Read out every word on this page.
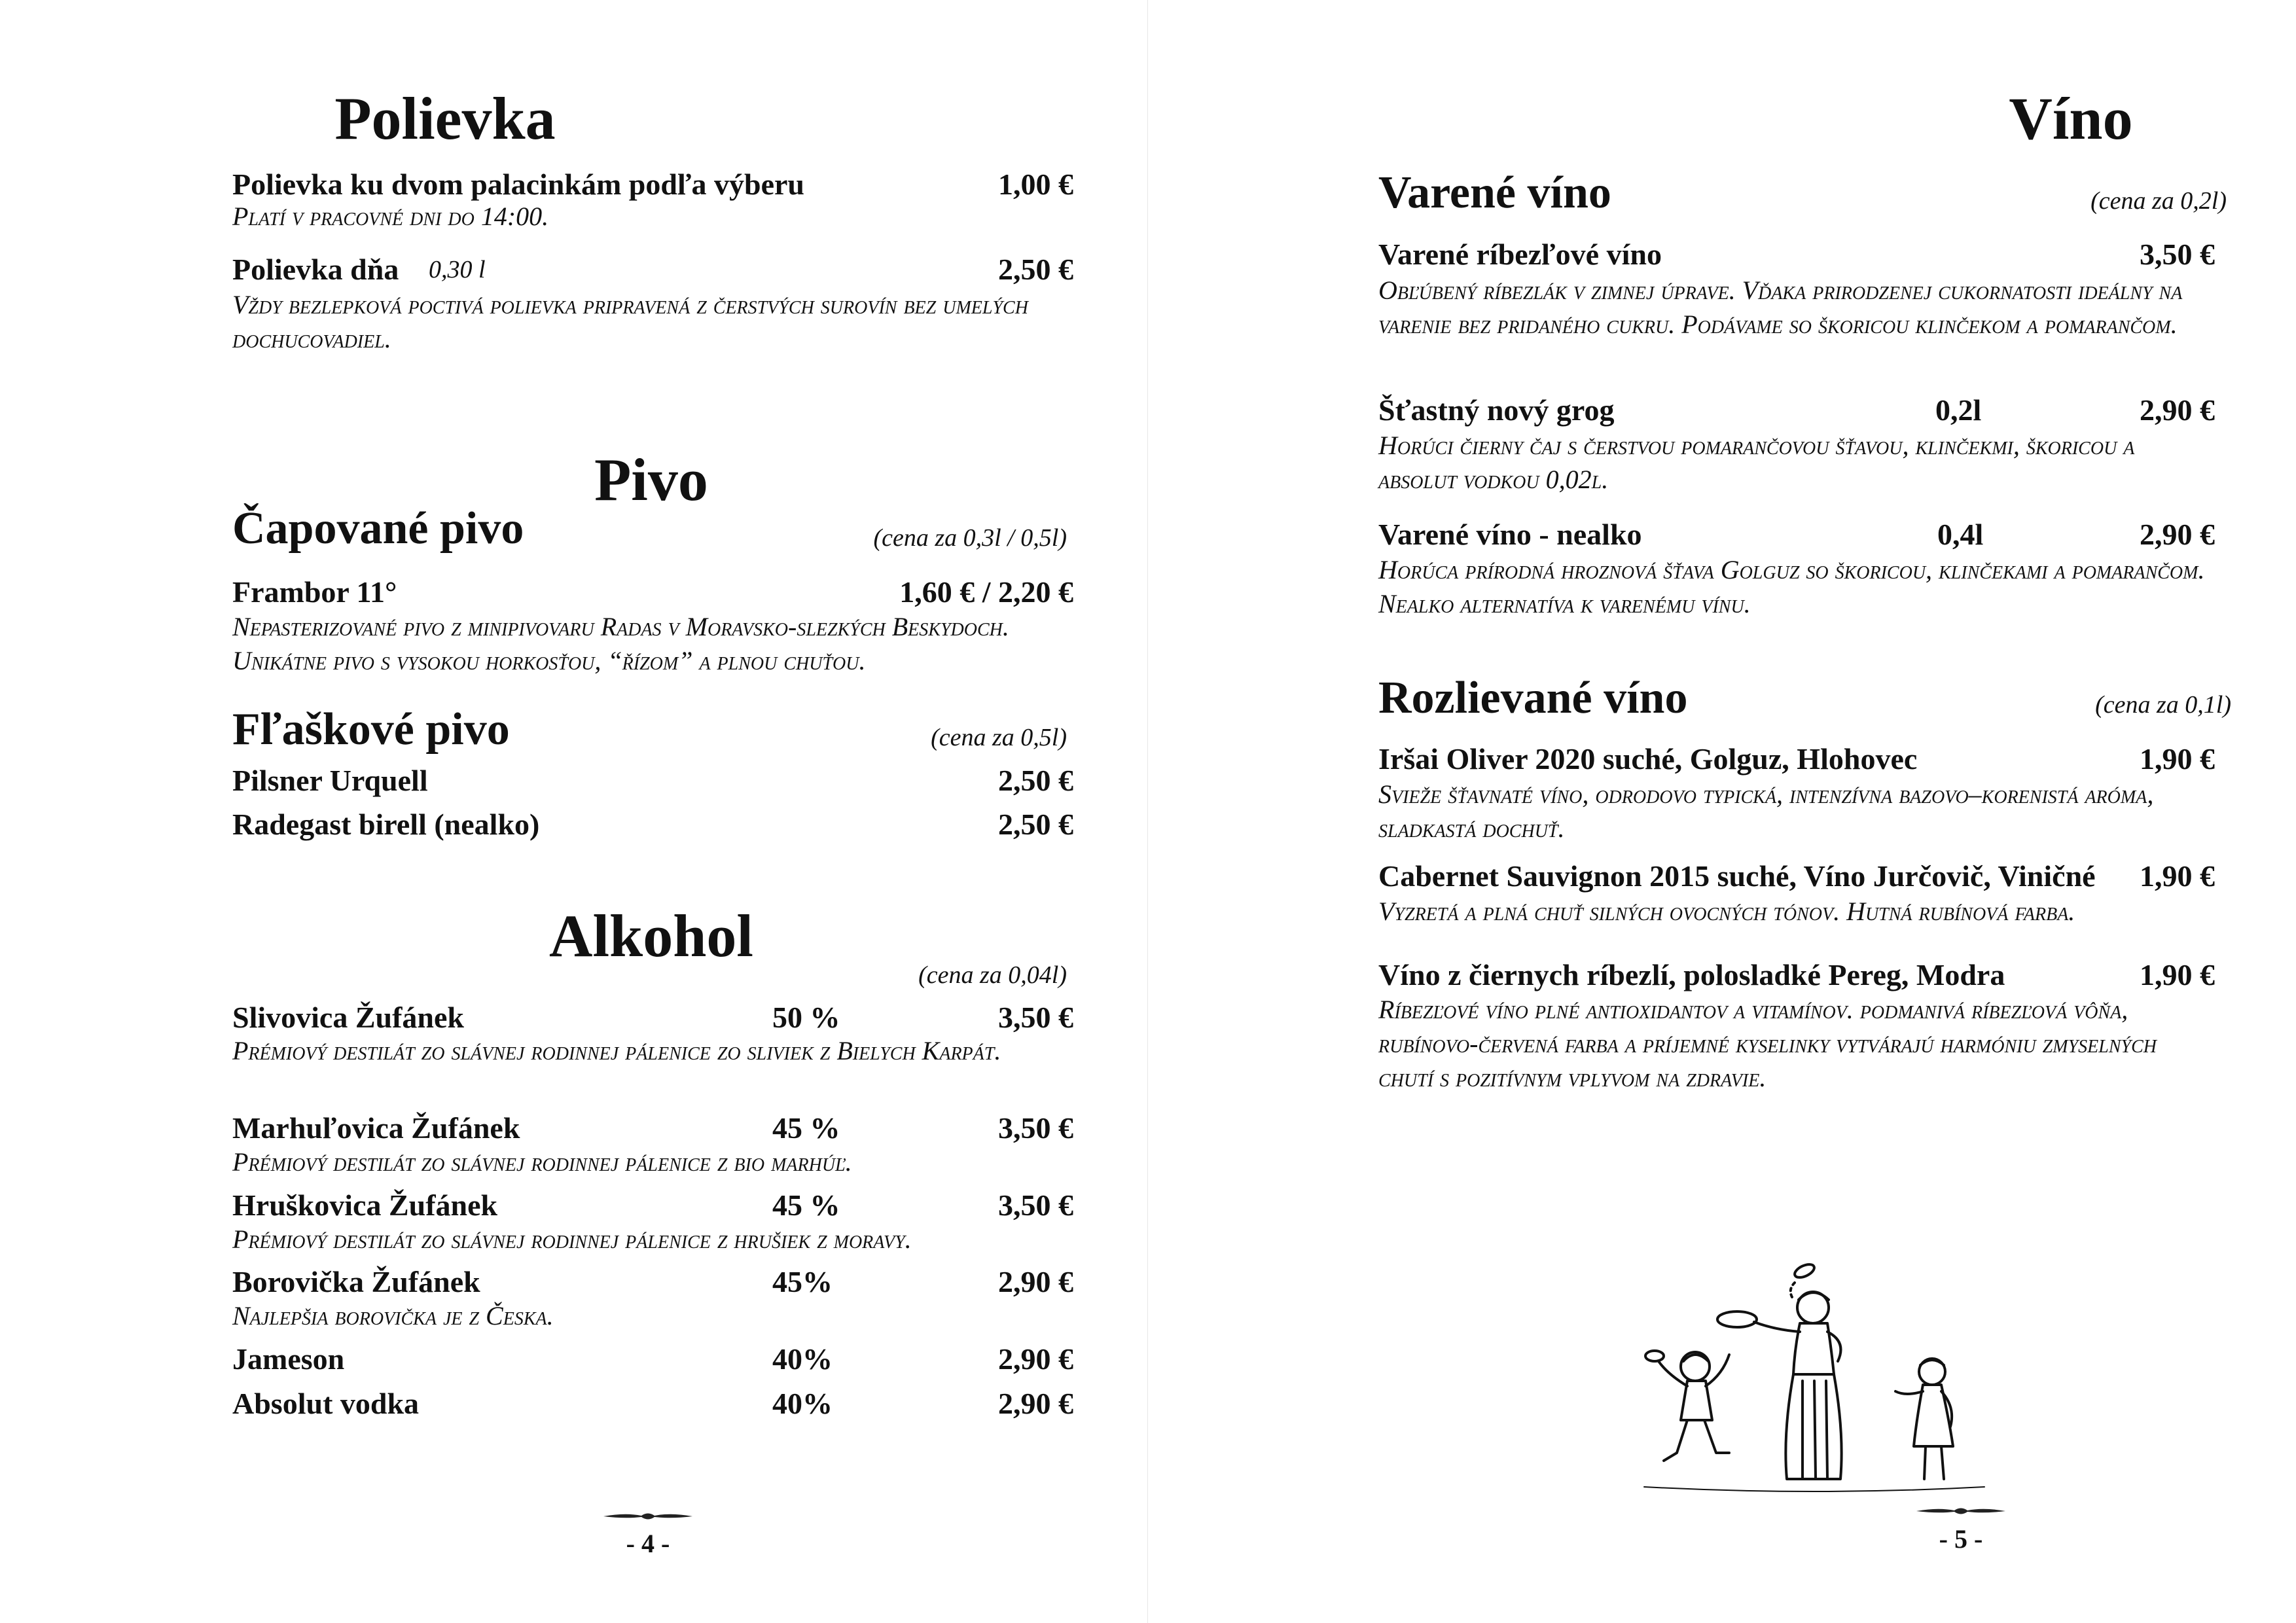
Polievka
Polievka ku dvom palacinkám podľa výberu	1,00 €
Platí v pracovné dni do 14:00.
Polievka dňa 0,30 l	2,50 €
Vždy bezlepková poctivá polievka pripravená z čerstvých surovín bez umelých dochucovadiel.
Pivo
Čapované pivo	(cena za 0,3l / 0,5l)
Frambor 11°	1,60 € / 2,20 €
Nepasterizované pivo z minipivovaru Radas v Moravsko-slezkých Beskydoch. Unikátne pivo s vysokou horkosťou, “řízom” a plnou chuťou.
Fľaškové pivo	(cena za 0,5l)
Pilsner Urquell	2,50 €
Radegast birell (nealko)	2,50 €
Alkohol
(cena za 0,04l)
Slivovica Žufánek	50 %	3,50 €
Prémiový destilát zo slávnej rodinnej pálenice zo sliviek z Bielych Karpát.
Marhuľovica Žufánek	45 %	3,50 €
Prémiový destilát zo slávnej rodinnej pálenice z bio marhúľ.
Hruškovica Žufánek	45 %	3,50 €
Prémiový destilát zo slávnej rodinnej pálenice z hrušiek z moravy.
Borovička Žufánek	45%	2,90 €
Najlepšia borovička je z Česka.
Jameson	40%	2,90 €
Absolut vodka	40%	2,90 €
- 4 -
Víno
Varené víno	(cena za 0,2l)
Varené ríbezľové víno	3,50 €
Obľúbený ríbezlák v zimnej úprave. Vďaka prirodzenej cukornatosti ideálny na varenie bez pridaného cukru. Podávame so škoricou klinčekom a pomarančom.
Šťastný nový grog	0,2l	2,90 €
Horúci čierny čaj s čerstvou pomarančovou šťavou, klinčekmi, škoricou a absolut vodkou 0,02l.
Varené víno - nealko	0,4l	2,90 €
Horúca prírodná hroznová šťava Golguz so škoricou, klinčekami a pomarančom. Nealko alternatíva k varenému vínu.
Rozlievané víno	(cena za 0,1l)
Iršai Oliver 2020 suché, Golguz, Hlohovec	1,90 €
Svieže šťavnaté víno, odrodovo typická, intenzívna bazovo–korenistá aróma, sladkastá dochuť.
Cabernet Sauvignon 2015 suché, Víno Jurčovič, Viničné	1,90 €
Vyzretá a plná chuť silných ovocných tónov. Hutná rubínová farba.
Víno z čiernych ríbezlí, polosladké Pereg, Modra	1,90 €
Ríbezľové víno plné antioxidantov a vitamínov. podmanivá ríbezľová vôňa, rubínovo-červená farba a príjemné kyselinky vytvárajú harmóniu zmyselných chutí s pozitívnym vplyvom na zdravie.
- 5 -
